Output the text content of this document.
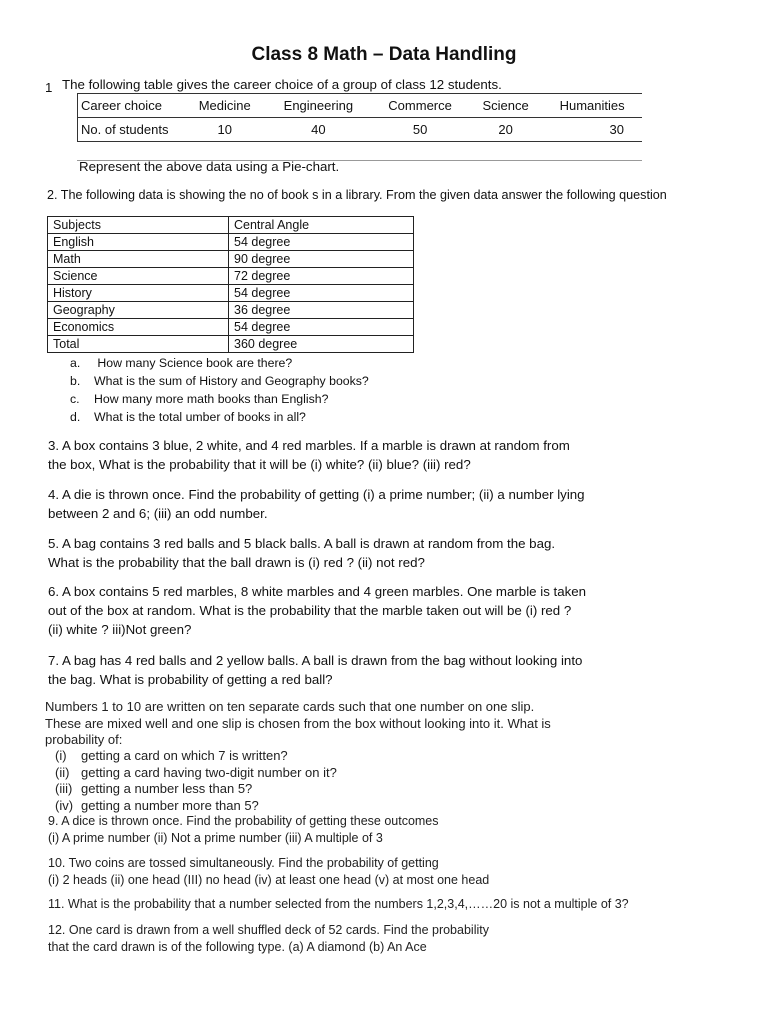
Class 8 Math – Data Handling
1 The following table gives the career choice of a group of class 12 students.
Career choice	Medicine	Engineering	Commerce	Science	Humanities
No. of students	10	40	50	20	30
Represent the above data using a Pie-chart.
2. The following data is showing the no of book s in a library. From the given data answer the following question
Subjects	Central Angle
English	54 degree
Math	90 degree
Science	72 degree
History	54 degree
Geography	36 degree
Economics	54 degree
Total	360 degree
a. How many Science book are there?
b. What is the sum of History and Geography books?
c. How many more math books than English?
d. What is the total umber of books in all?
3. A box contains 3 blue, 2 white, and 4 red marbles. If a marble is drawn at random from
the box, What is the probability that it will be (i) white? (ii) blue? (iii) red?
4. A die is thrown once. Find the probability of getting (i) a prime number; (ii) a number lying
between 2 and 6; (iii) an odd number.
5. A bag contains 3 red balls and 5 black balls. A ball is drawn at random from the bag.
What is the probability that the ball drawn is (i) red ? (ii) not red?
6. A box contains 5 red marbles, 8 white marbles and 4 green marbles. One marble is taken
out of the box at random. What is the probability that the marble taken out will be (i) red ?
(ii) white ? iii)Not green?
7. A bag has 4 red balls and 2 yellow balls. A ball is drawn from the bag without looking into
the bag. What is probability of getting a red ball?
Numbers 1 to 10 are written on ten separate cards such that one number on one slip.
These are mixed well and one slip is chosen from the box without looking into it. What is
probability of:
(i) getting a card on which 7 is written?
(ii) getting a card having two-digit number on it?
(iii) getting a number less than 5?
(iv) getting a number more than 5?
9. A dice is thrown once. Find the probability of getting these outcomes
(i) A prime number (ii) Not a prime number (iii) A multiple of 3
10. Two coins are tossed simultaneously. Find the probability of getting
(i) 2 heads (ii) one head (III) no head (iv) at least one head (v) at most one head
11. What is the probability that a number selected from the numbers 1,2,3,4,……20 is not a multiple of 3?
12. One card is drawn from a well shuffled deck of 52 cards. Find the probability
that the card drawn is of the following type. (a) A diamond (b) An Ace
